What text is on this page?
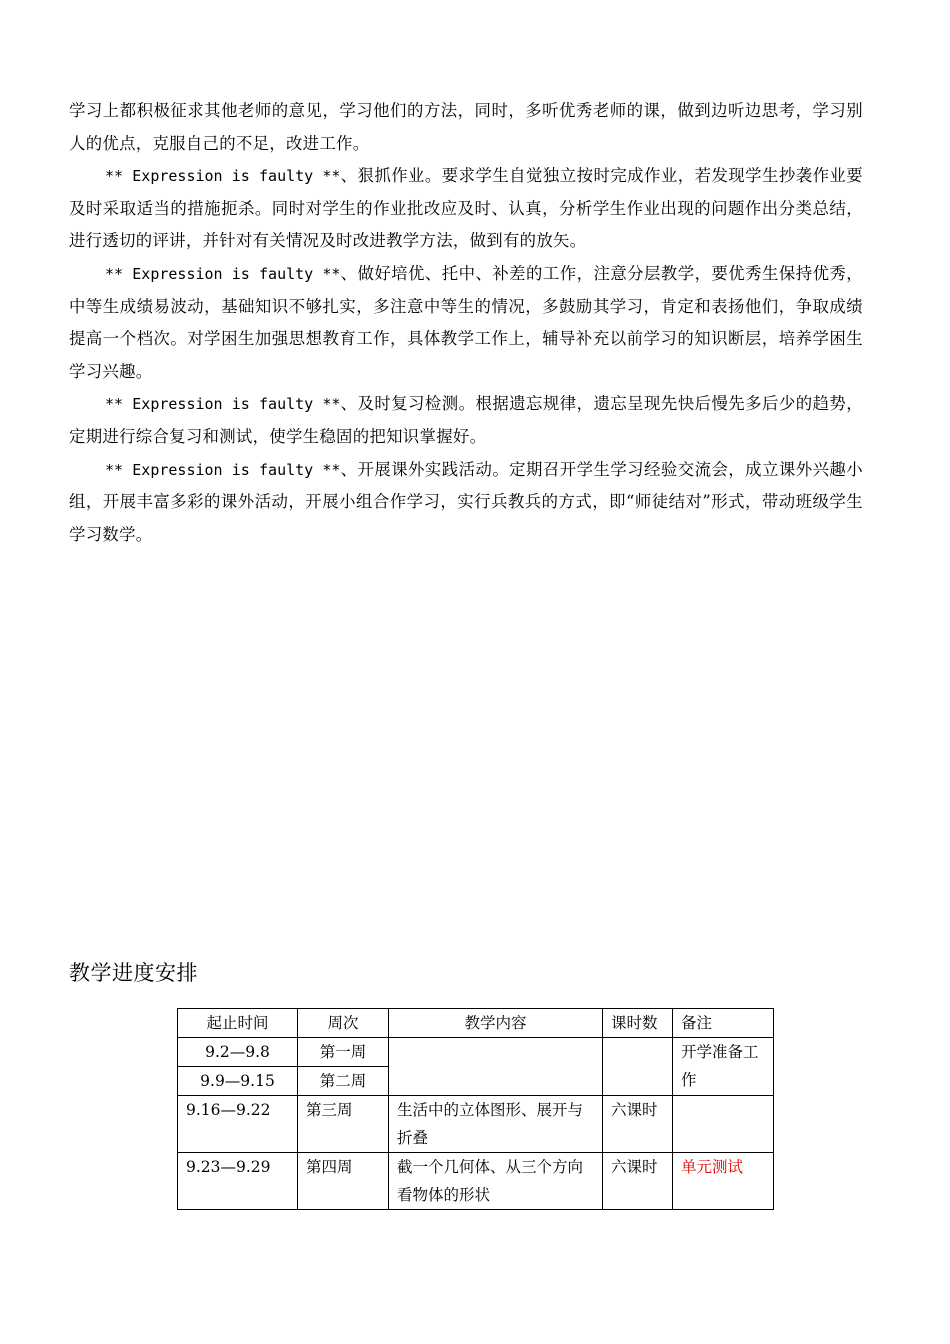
学习上都积极征求其他老师的意见，学习他们的方法，同时，多听优秀老师的课，做到边听边思考，学习别人的优点，克服自己的不足，改进工作。

** Expression is faulty **、狠抓作业。要求学生自觉独立按时完成作业，若发现学生抄袭作业要及时采取适当的措施扼杀。同时对学生的作业批改应及时、认真，分析学生作业出现的问题作出分类总结，进行透切的评讲，并针对有关情况及时改进教学方法，做到有的放矢。

** Expression is faulty **、做好培优、托中、补差的工作，注意分层教学，要优秀生保持优秀，中等生成绩易波动，基础知识不够扎实，多注意中等生的情况，多鼓励其学习，肯定和表扬他们，争取成绩提高一个档次。对学困生加强思想教育工作，具体教学工作上，辅导补充以前学习的知识断层，培养学困生学习兴趣。

** Expression is faulty **、及时复习检测。根据遗忘规律，遗忘呈现先快后慢先多后少的趋势，定期进行综合复习和测试，使学生稳固的把知识掌握好。

** Expression is faulty **、开展课外实践活动。定期召开学生学习经验交流会，成立课外兴趣小组，开展丰富多彩的课外活动，开展小组合作学习，实行兵教兵的方式，即“师徒结对”形式，带动班级学生学习数学。

教学进度安排
起止时间	周次	教学内容	课时数	备注
9.2—9.8	第一周			开学准备工作
9.9—9.15	第二周			
9.16—9.22	第三周	生活中的立体图形、展开与折叠	六课时	
9.23—9.29	第四周	截一个几何体、从三个方向看物体的形状	六课时	单元测试
